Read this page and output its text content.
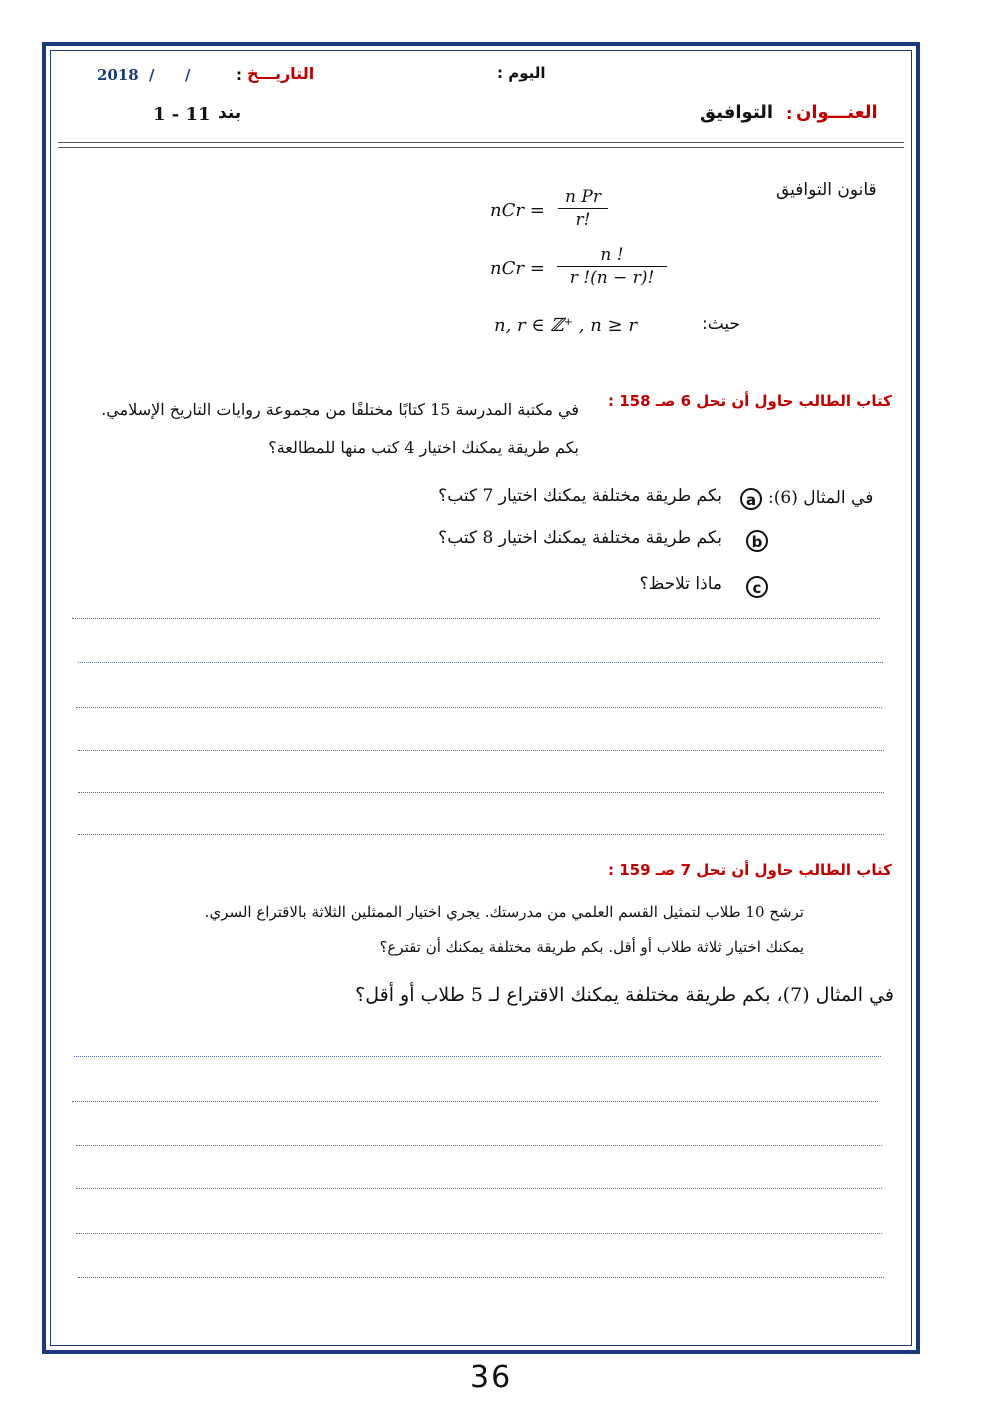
2018 / /	: التاريـــخ	اليوم :
1 - 11 بند	التوافيق : العنـــوان
قانون التوافيق
nCr = $\frac{\text{n Pr}}{r!}$
nCr = $\frac{n !}{r !(n - r)!}$
n, r ∈ ℤ⁺ , n ≥ r	حيث:
كتاب الطالب حاول أن تحل 6 صـ 158 :
في مكتبة المدرسة 15 كتابًا مختلفًا من مجموعة روايات التاريخ الإسلامي.
بكم طريقة يمكنك اختيار 4 كتب منها للمطالعة؟
في المثال (6):
a
بكم طريقة مختلفة يمكنك اختيار 7 كتب؟
b
بكم طريقة مختلفة يمكنك اختيار 8 كتب؟
c
ماذا تلاحظ؟
كتاب الطالب حاول أن تحل 7 صـ 159 :
ترشح 10 طلاب لتمثيل القسم العلمي من مدرستك. يجري اختيار الممثلين الثلاثة بالاقتراع السري.
يمكنك اختيار ثلاثة طلاب أو أقل. بكم طريقة مختلفة يمكنك أن تقترع؟
في المثال (7)، بكم طريقة مختلفة يمكنك الاقتراع لـ 5 طلاب أو أقل؟
36
